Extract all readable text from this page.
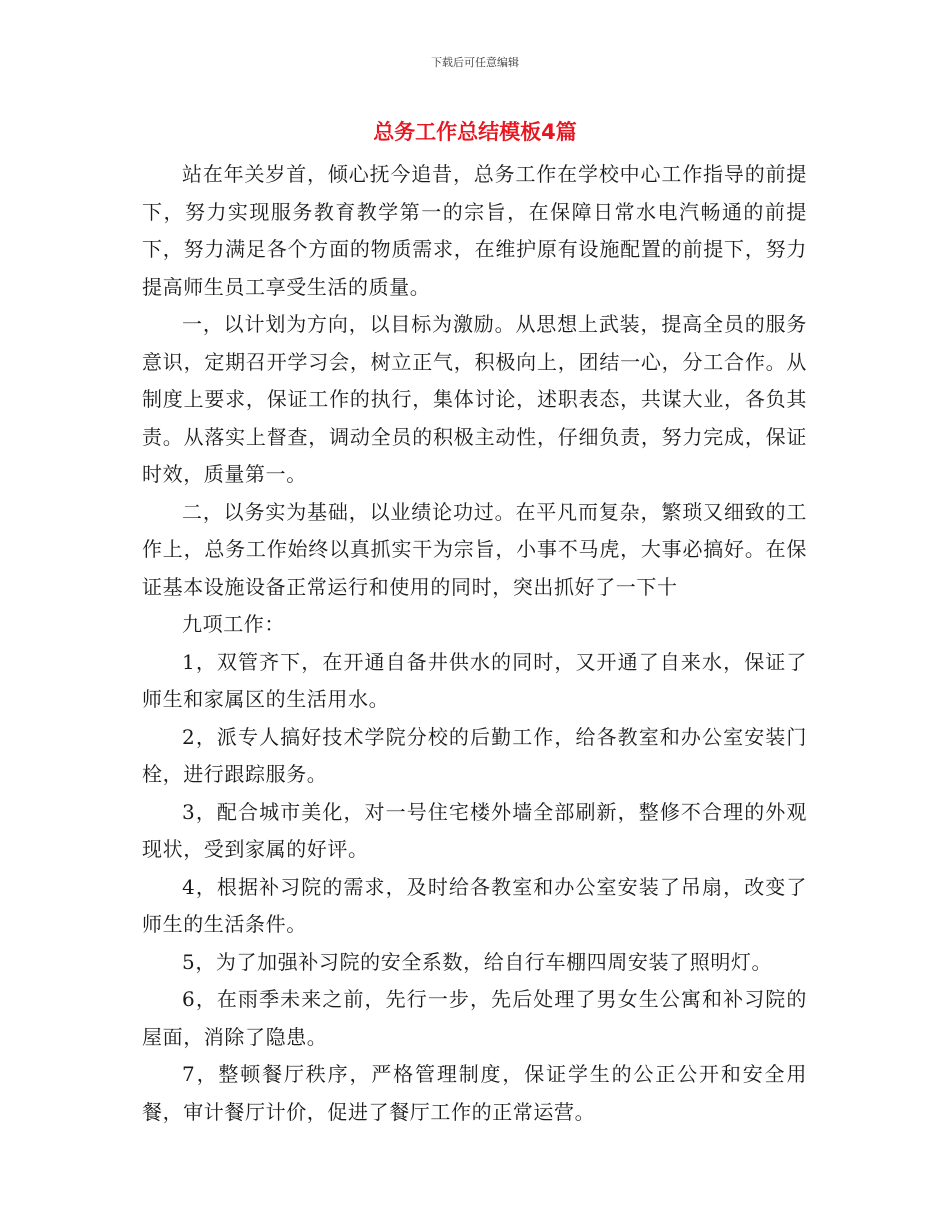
下载后可任意编辑
总务工作总结模板4篇

站在年关岁首，倾心抚今追昔，总务工作在学校中心工作指导的前提下，努力实现服务教育教学第一的宗旨，在保障日常水电汽畅通的前提下，努力满足各个方面的物质需求，在维护原有设施配置的前提下，努力提高师生员工享受生活的质量。

一，以计划为方向，以目标为激励。从思想上武装，提高全员的服务意识，定期召开学习会，树立正气，积极向上，团结一心，分工合作。从制度上要求，保证工作的执行，集体讨论，述职表态，共谋大业，各负其责。从落实上督查，调动全员的积极主动性，仔细负责，努力完成，保证时效，质量第一。

二，以务实为基础，以业绩论功过。在平凡而复杂，繁琐又细致的工作上，总务工作始终以真抓实干为宗旨，小事不马虎，大事必搞好。在保证基本设施设备正常运行和使用的同时，突出抓好了一下十

九项工作：

1，双管齐下，在开通自备井供水的同时，又开通了自来水，保证了师生和家属区的生活用水。

2，派专人搞好技术学院分校的后勤工作，给各教室和办公室安装门栓，进行跟踪服务。

3，配合城市美化，对一号住宅楼外墙全部刷新，整修不合理的外观现状，受到家属的好评。

4，根据补习院的需求，及时给各教室和办公室安装了吊扇，改变了师生的生活条件。

5，为了加强补习院的安全系数，给自行车棚四周安装了照明灯。

6，在雨季未来之前，先行一步，先后处理了男女生公寓和补习院的屋面，消除了隐患。

7，整顿餐厅秩序，严格管理制度，保证学生的公正公开和安全用餐，审计餐厅计价，促进了餐厅工作的正常运营。
